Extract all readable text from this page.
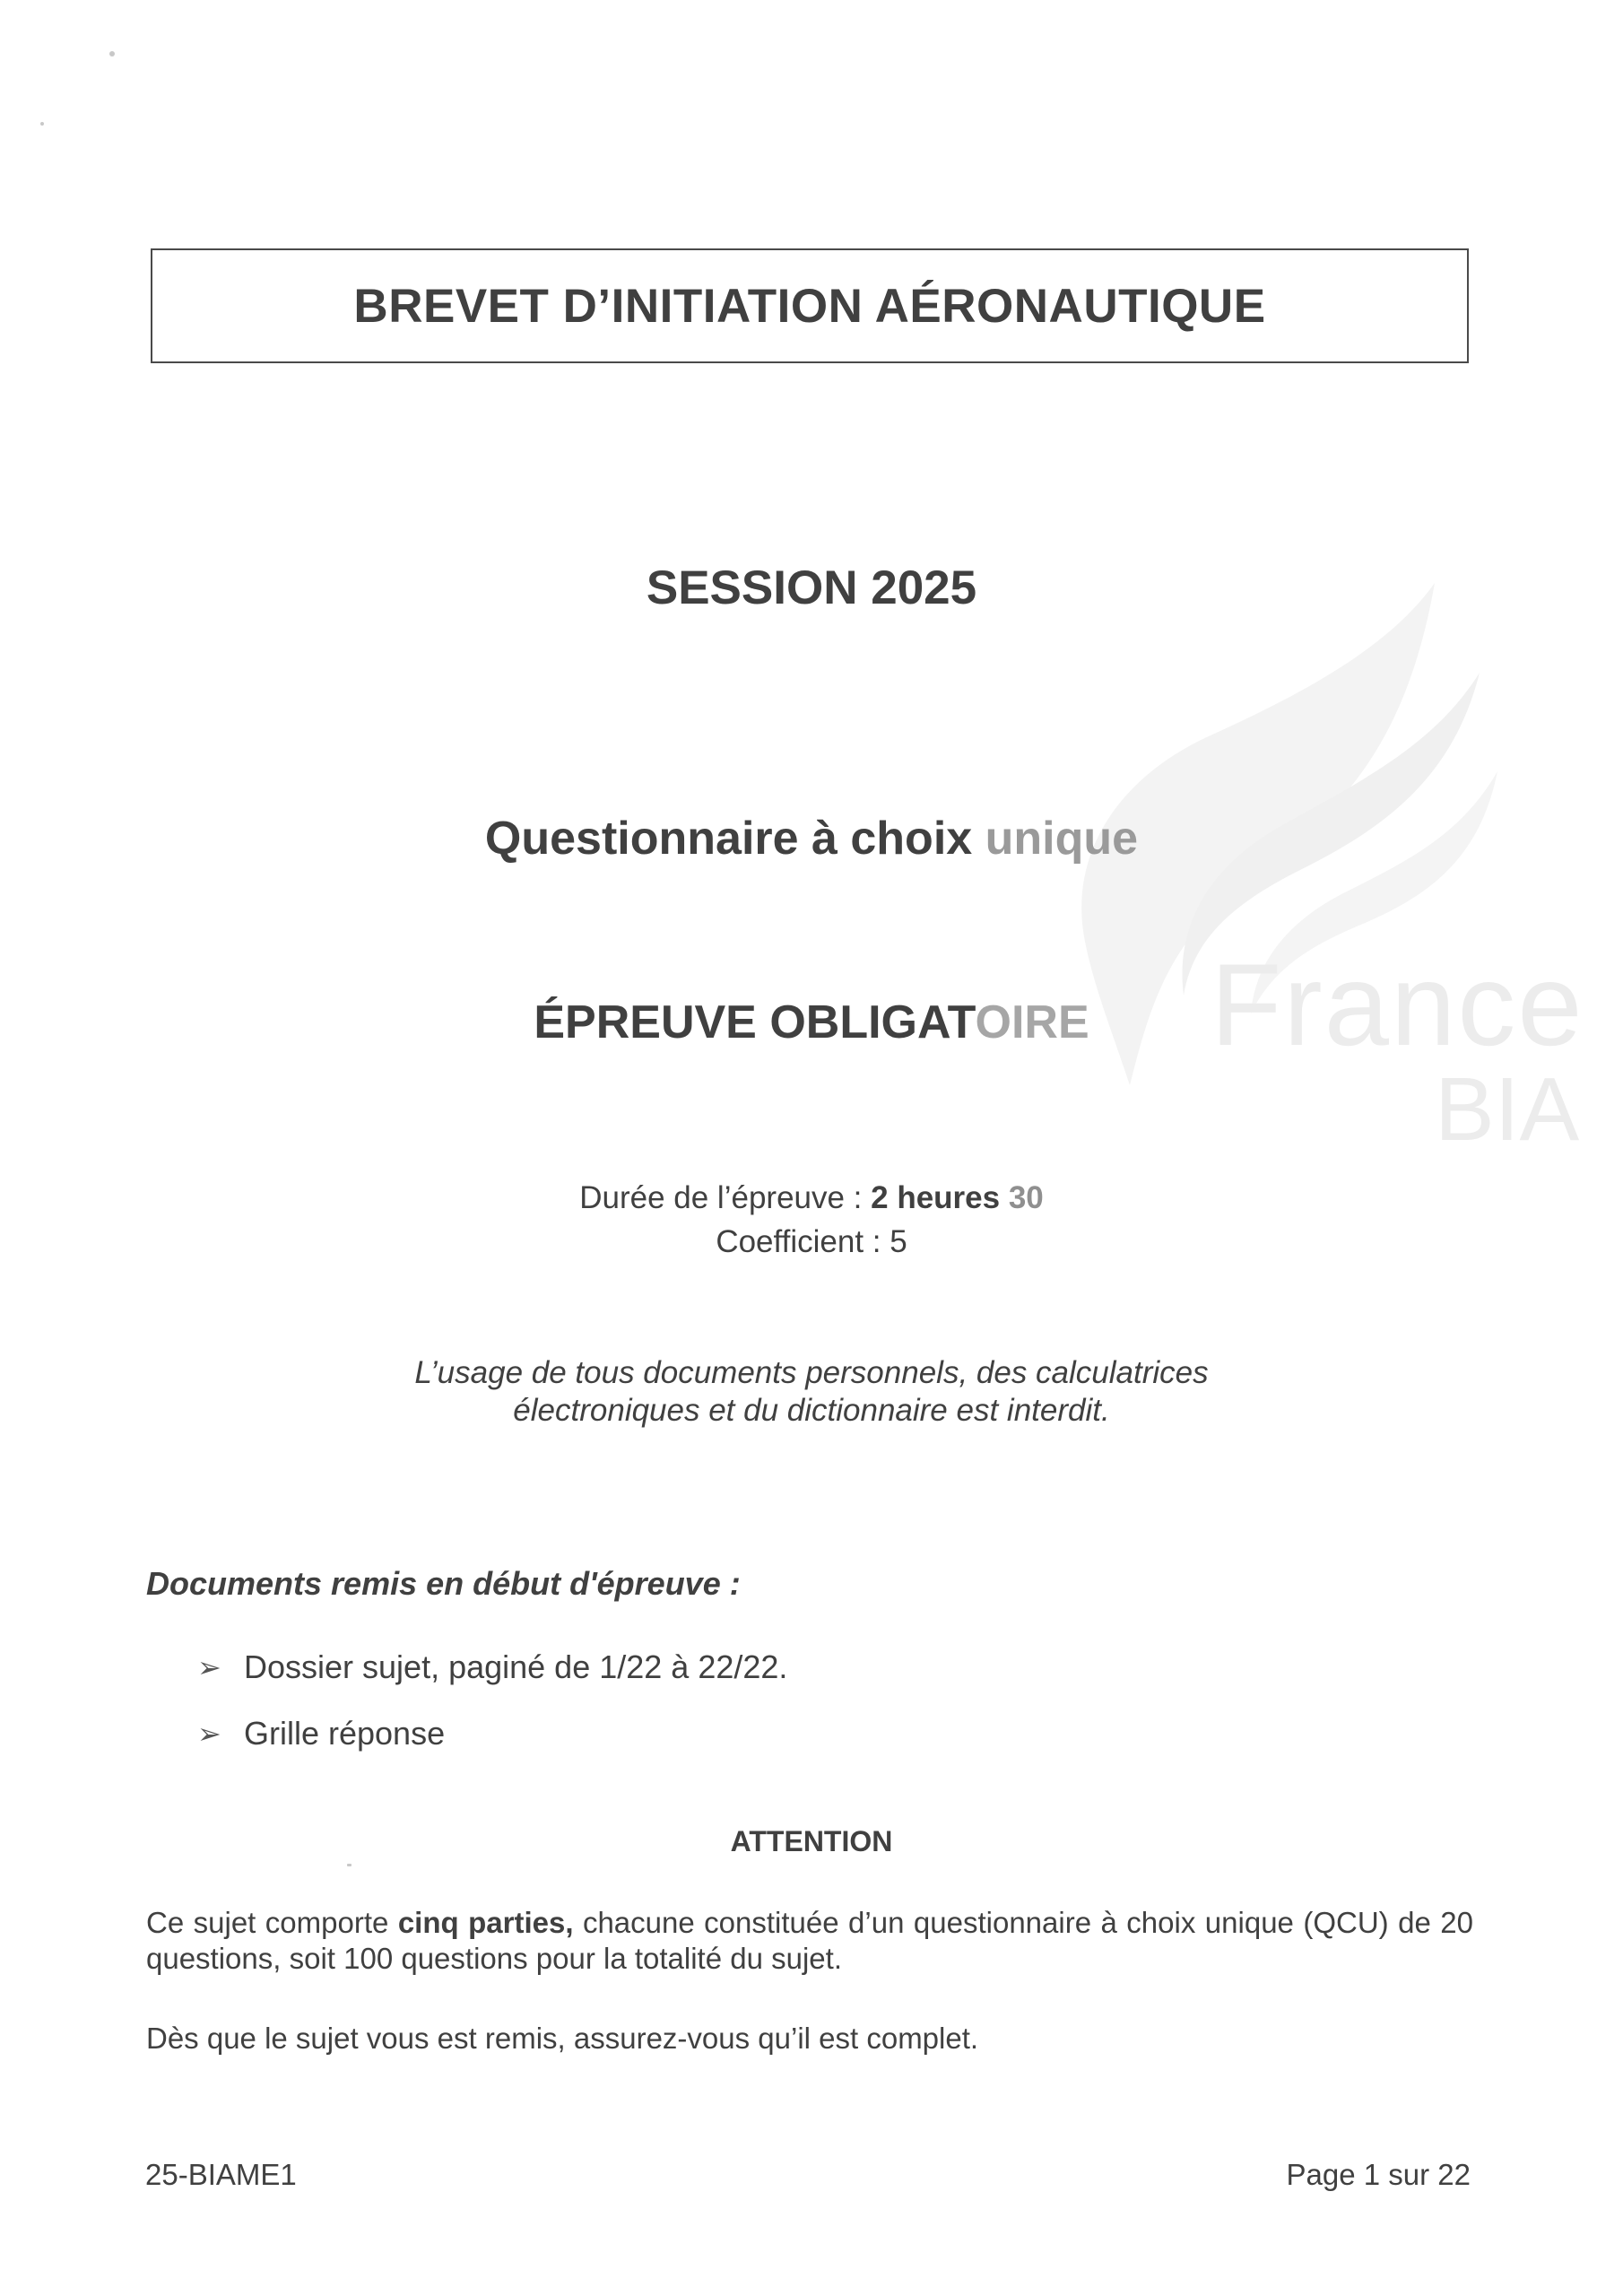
France
BIA
BREVET D’INITIATION AÉRONAUTIQUE
SESSION 2025
Questionnaire à choix unique
ÉPREUVE OBLIGATOIRE
Durée de l’épreuve : 2 heures 30
Coefficient : 5
L’usage de tous documents personnels, des calculatrices
électroniques et du dictionnaire est interdit.
Documents remis en début d'épreuve :
➢ Dossier sujet, paginé de 1/22 à 22/22.
➢ Grille réponse
ATTENTION
Ce sujet comporte cinq parties, chacune constituée d’un questionnaire à choix unique (QCU) de 20 questions, soit 100 questions pour la totalité du sujet.
Dès que le sujet vous est remis, assurez-vous qu’il est complet.
25-BIAME1	Page 1 sur 22
